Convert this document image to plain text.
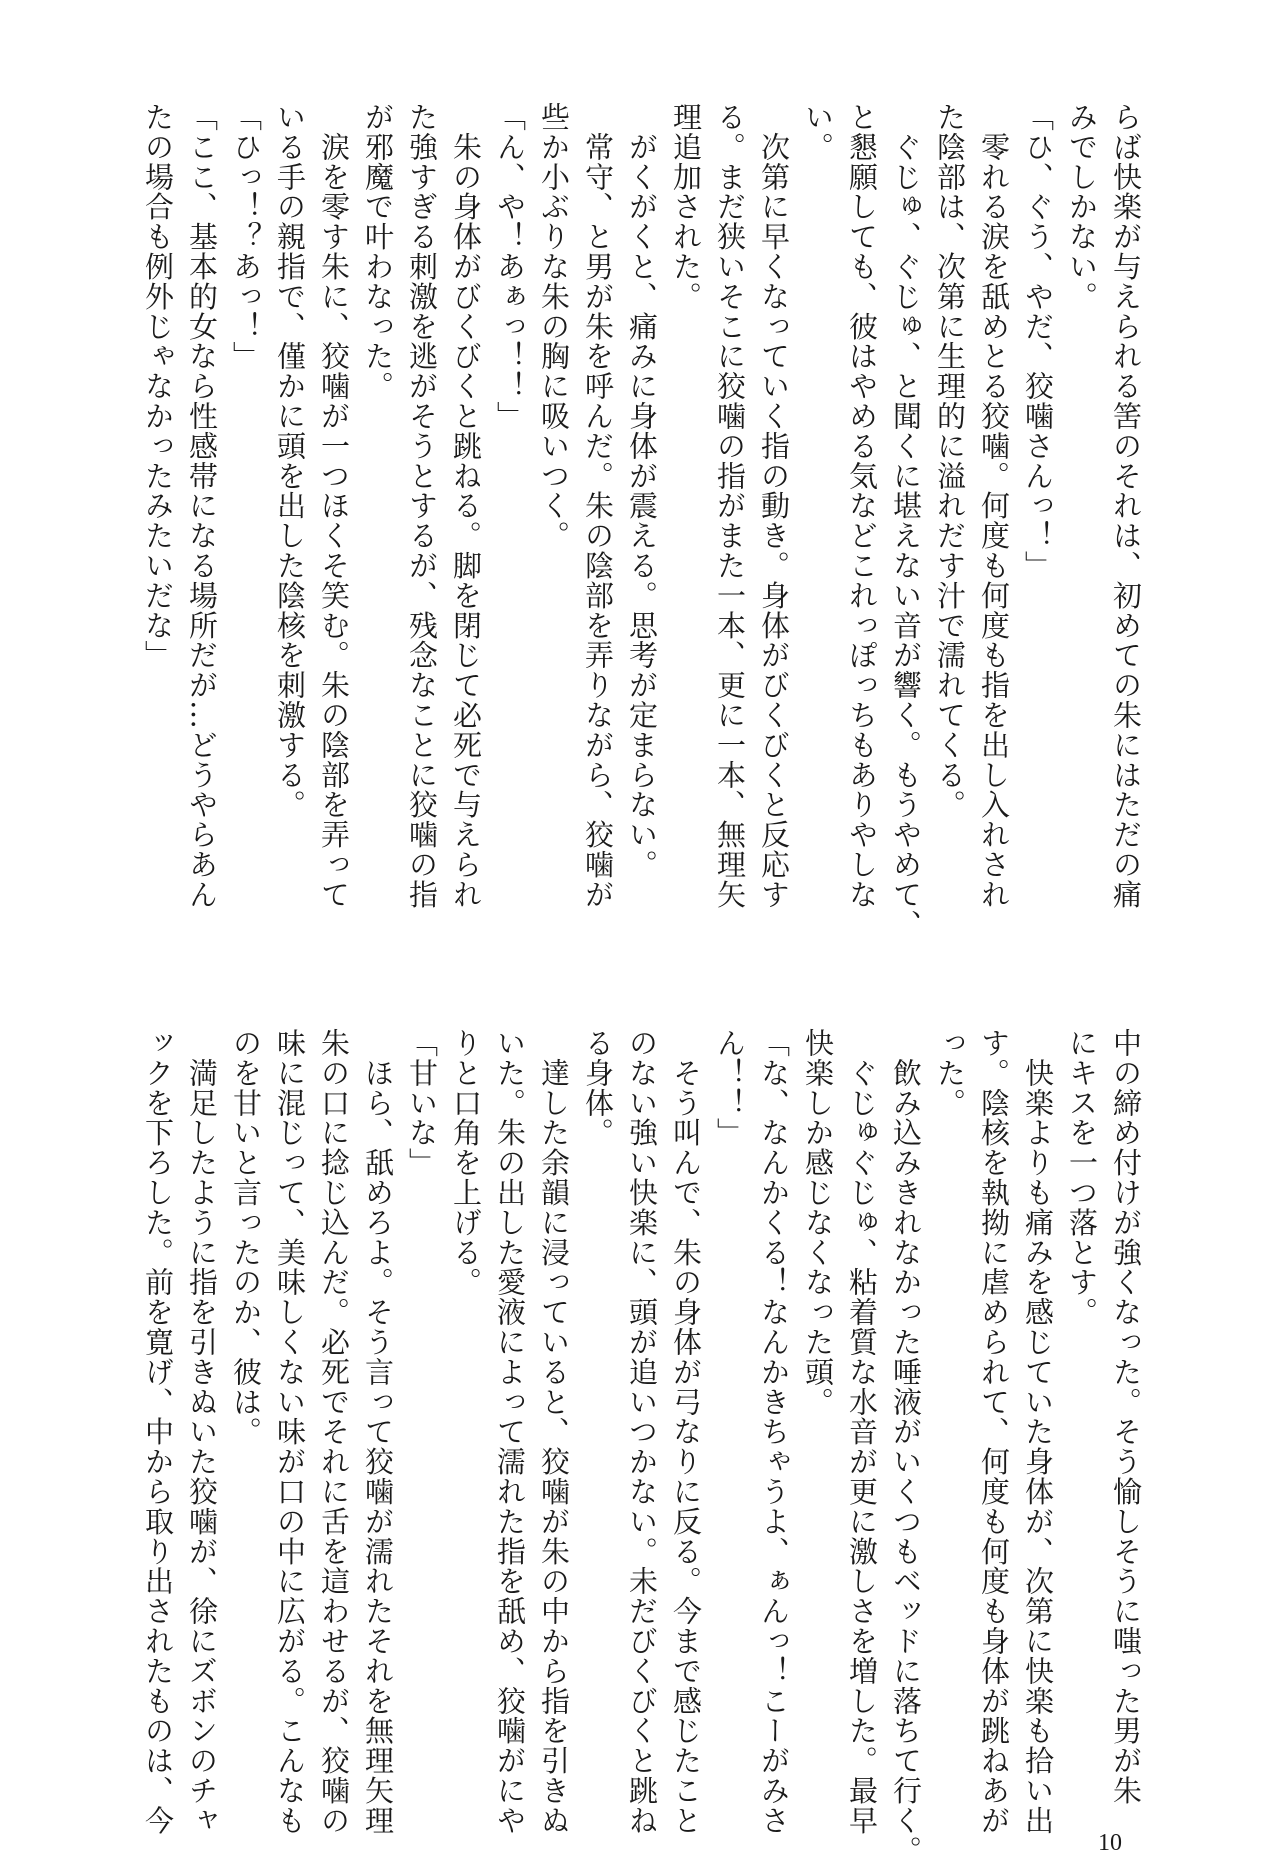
らば快楽が与えられる筈のそれは、初めての朱にはただの痛
みでしかない。
「ひ、ぐう、やだ、狡噛さんっ！」
　零れる涙を舐めとる狡噛。何度も何度も指を出し入れされ
た陰部は、次第に生理的に溢れだす汁で濡れてくる。
　ぐじゅ、ぐじゅ、と聞くに堪えない音が響く。もうやめて、
と懇願しても、彼はやめる気などこれっぽっちもありやしな
い。
　次第に早くなっていく指の動き。身体がびくびくと反応す
る。まだ狭いそこに狡噛の指がまた一本、更に一本、無理矢
理追加された。
　がくがくと、痛みに身体が震える。思考が定まらない。
　常守、と男が朱を呼んだ。朱の陰部を弄りながら、狡噛が
些か小ぶりな朱の胸に吸いつく。
「ん、や！あぁっ！！」
　朱の身体がびくびくと跳ねる。脚を閉じて必死で与えられ
た強すぎる刺激を逃がそうとするが、残念なことに狡噛の指
が邪魔で叶わなった。
　涙を零す朱に、狡噛が一つほくそ笑む。朱の陰部を弄って
いる手の親指で、僅かに頭を出した陰核を刺激する。
「ひっ！？あっ！」
「ここ、基本的女なら性感帯になる場所だが…どうやらあん
たの場合も例外じゃなかったみたいだな」
中の締め付けが強くなった。そう愉しそうに嗤った男が朱
にキスを一つ落とす。
　快楽よりも痛みを感じていた身体が、次第に快楽も拾い出
す。陰核を執拗に虐められて、何度も何度も身体が跳ねあが
った。
　飲み込みきれなかった唾液がいくつもベッドに落ちて行く。
　ぐじゅぐじゅ、粘着質な水音が更に激しさを増した。最早
快楽しか感じなくなった頭。
「な、なんかくる！なんかきちゃうよ、ぁんっ！こーがみさ
ん！！」
　そう叫んで、朱の身体が弓なりに反る。今まで感じたこと
のない強い快楽に、頭が追いつかない。未だびくびくと跳ね
る身体。
　達した余韻に浸っていると、狡噛が朱の中から指を引きぬ
いた。朱の出した愛液によって濡れた指を舐め、狡噛がにや
りと口角を上げる。
「甘いな」
　ほら、舐めろよ。そう言って狡噛が濡れたそれを無理矢理
朱の口に捻じ込んだ。必死でそれに舌を這わせるが、狡噛の
味に混じって、美味しくない味が口の中に広がる。こんなも
のを甘いと言ったのか、彼は。
　満足したように指を引きぬいた狡噛が、徐にズボンのチャ
ックを下ろした。前を寛げ、中から取り出されたものは、今
10
